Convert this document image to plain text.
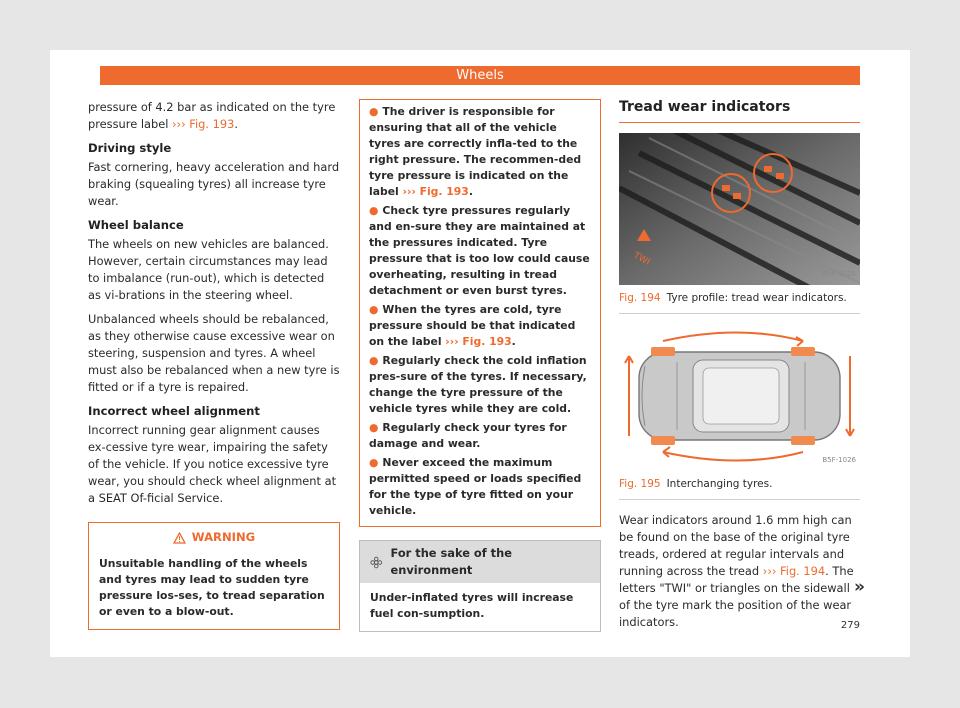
Wheels

pressure of 4.2 bar as indicated on the tyre pressure label ››› Fig. 193.

Driving style

Fast cornering, heavy acceleration and hard braking (squealing tyres) all increase tyre wear.

Wheel balance

The wheels on new vehicles are balanced. However, certain circumstances may lead to imbalance (run-out), which is detected as vi-brations in the steering wheel.

Unbalanced wheels should be rebalanced, as they otherwise cause excessive wear on steering, suspension and tyres. A wheel must also be rebalanced when a new tyre is fitted or if a tyre is repaired.

Incorrect wheel alignment

Incorrect running gear alignment causes ex-cessive tyre wear, impairing the safety of the vehicle. If you notice excessive tyre wear, you should check wheel alignment at a SEAT Of-ficial Service.

WARNING
Unsuitable handling of the wheels and tyres may lead to sudden tyre pressure los-ses, to tread separation or even to a blow-out.
● The driver is responsible for ensuring that all of the vehicle tyres are correctly infla-ted to the right pressure. The recommen-ded tyre pressure is indicated on the label ››› Fig. 193.
● Check tyre pressures regularly and en-sure they are maintained at the pressures indicated. Tyre pressure that is too low could cause overheating, resulting in tread detachment or even burst tyres.
● When the tyres are cold, tyre pressure should be that indicated on the label ››› Fig. 193.
● Regularly check the cold inflation pres-sure of the tyres. If necessary, change the tyre pressure of the vehicle tyres while they are cold.
● Regularly check your tyres for damage and wear.
● Never exceed the maximum permitted speed or loads specified for the type of tyre fitted on your vehicle.
For the sake of the environment
Under-inflated tyres will increase fuel con-sumption.
Tread wear indicators
TWI
B5F-1025
Fig. 194 Tyre profile: tread wear indicators.
B5F-1026
Fig. 195 Interchanging tyres.

Wear indicators around 1.6 mm high can be found on the base of the original tyre treads, ordered at regular intervals and running across the tread ››› Fig. 194. The letters "TWI" or triangles on the sidewall of the tyre mark the position of the wear indicators.

»
279
